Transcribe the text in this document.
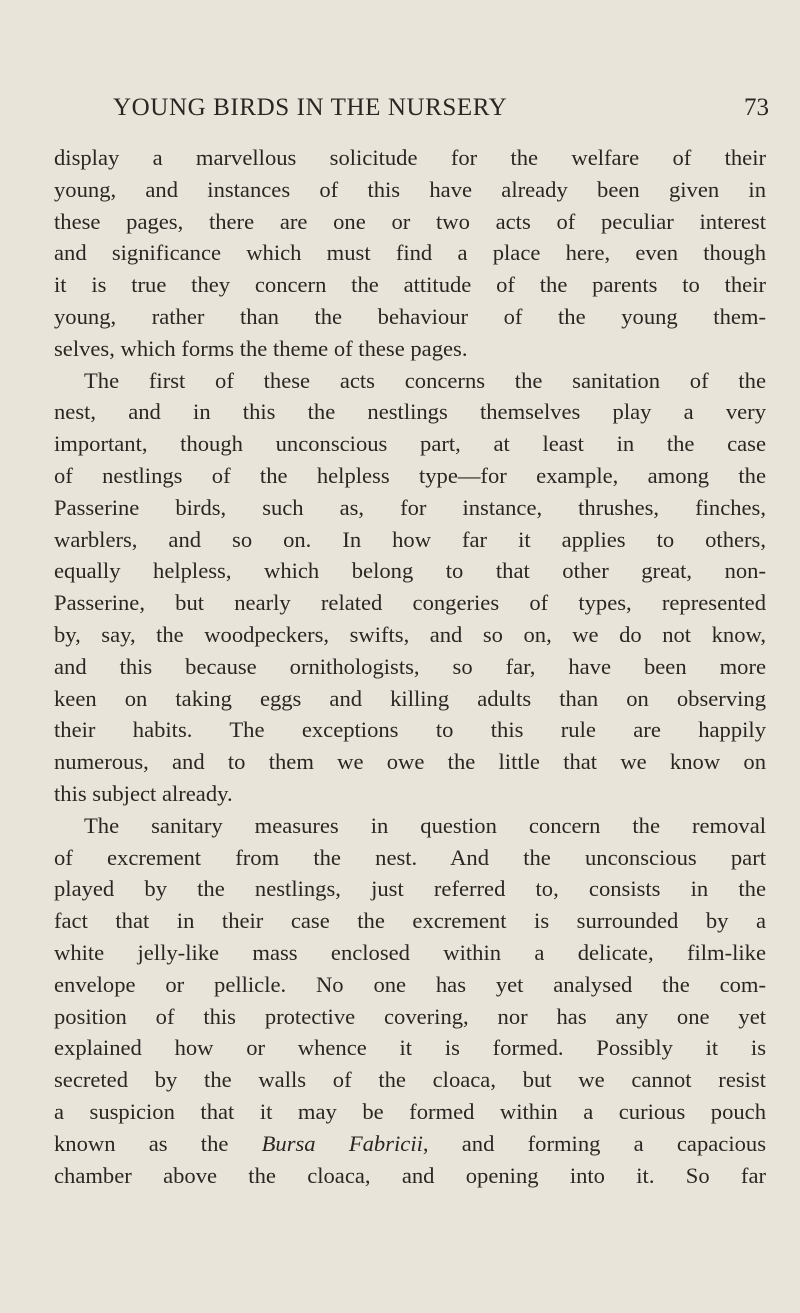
YOUNG BIRDS IN THE NURSERY	73
display a marvellous solicitude for the welfare of their
young, and instances of this have already been given in
these pages, there are one or two acts of peculiar interest
and significance which must find a place here, even though
it is true they concern the attitude of the parents to their
young, rather than the behaviour of the young them-
selves, which forms the theme of these pages.
The first of these acts concerns the sanitation of the
nest, and in this the nestlings themselves play a very
important, though unconscious part, at least in the case
of nestlings of the helpless type—for example, among the
Passerine birds, such as, for instance, thrushes, finches,
warblers, and so on. In how far it applies to others,
equally helpless, which belong to that other great, non-
Passerine, but nearly related congeries of types, represented
by, say, the woodpeckers, swifts, and so on, we do not know,
and this because ornithologists, so far, have been more
keen on taking eggs and killing adults than on observing
their habits. The exceptions to this rule are happily
numerous, and to them we owe the little that we know on
this subject already.
The sanitary measures in question concern the removal
of excrement from the nest. And the unconscious part
played by the nestlings, just referred to, consists in the
fact that in their case the excrement is surrounded by a
white jelly-like mass enclosed within a delicate, film-like
envelope or pellicle. No one has yet analysed the com-
position of this protective covering, nor has any one yet
explained how or whence it is formed. Possibly it is
secreted by the walls of the cloaca, but we cannot resist
a suspicion that it may be formed within a curious pouch
known as the Bursa Fabricii, and forming a capacious
chamber above the cloaca, and opening into it. So far
